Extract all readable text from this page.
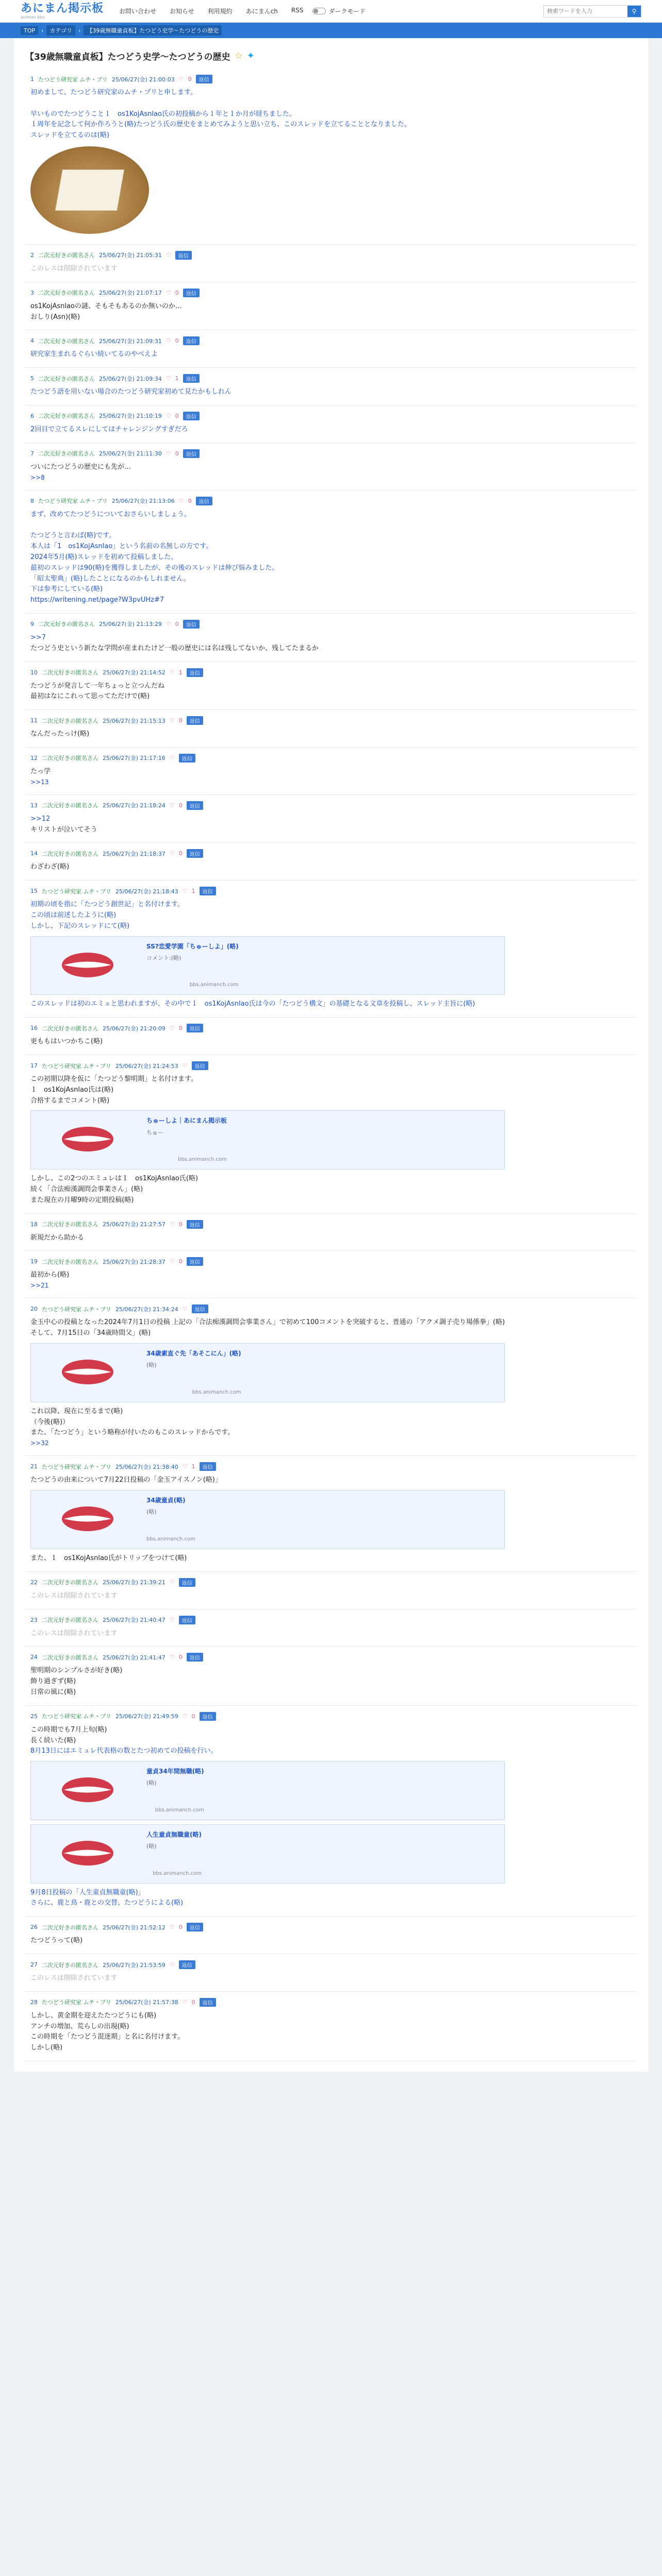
あにまん掲示板
animan bbs
お問い合わせ お知らせ 利用規約 あにまんch RSS	ダークモード
検索ワードを入力	⚲
TOP	›	カテゴリ	›	【39歳無職童貞板】たつどう史学〜たつどうの歴史
【39歳無職童貞板】たつどう史学〜たつどうの歴史 ☆ ✦
1 たつどう研究家 ムチ・プリ 25/06/27(金) 21:00:03 ♡ 0	返信
初めまして、たつどう研究家のムチ・プリと申します。

早いものでたつどうこと１　os1KojAsnlao氏の初投稿から１年と１か月が経ちました。
１周年を記念して何か作ろうと(略)たつどう氏の歴史をまとめてみようと思い立ち、このスレッドを立てることとなりました。
スレッドを立てるのは(略)
2 二次元好きの匿名さん 25/06/27(金) 21:05:31 ♡	返信
このレスは削除されています
3 二次元好きの匿名さん 25/06/27(金) 21:07:17 ♡ 0	返信
os1KojAsnlaoの謎、そもそもあるのか無いのか…
おしり(Asn)(略)
4 二次元好きの匿名さん 25/06/27(金) 21:09:31 ♡ 0	返信
研究家生まれるぐらい続いてるのやべえよ
5 二次元好きの匿名さん 25/06/27(金) 21:09:34 ♡ 1	返信
たつどう語を用いない場合のたつどう研究家初めて見たかもしれん
6 二次元好きの匿名さん 25/06/27(金) 21:10:19 ♡ 0	返信
2回目で立てるスレにしてはチャレンジングすぎだろ
7 二次元好きの匿名さん 25/06/27(金) 21:11:30 ♡ 0	返信
ついにたつどうの歴史にも先が…
>>8
8 たつどう研究家 ムチ・プリ 25/06/27(金) 21:13:06 ♡ 0	返信
まず、改めてたつどうについておさらいしましょう。

たつどうと言わば(略)です。
本人は「1　os1KojAsnlao」という名前の名無しの方です。
2024年5月(略)スレッドを初めて投稿しました。
最初のスレッドは90(略)を獲得しましたが、その後のスレッドは伸び悩みました。
「昭太聖典」(略)したことになるのかもしれません。
下は参考にしている(略)
https://writening.net/page?W3pvUHz#7
9 二次元好きの匿名さん 25/06/27(金) 21:13:29 ♡ 0	返信
>>7
たつどう史という新たな学問が産まれたけど一般の歴史には名は残してないか、残してたまるか
10 二次元好きの匿名さん 25/06/27(金) 21:14:52 ♡ 1	返信
たつどうが発言して一年ちょっと立つんだね
最初はなにこれって思ってただけで(略)
11 二次元好きの匿名さん 25/06/27(金) 21:15:13 ♡ 0	返信
なんだったっけ(略)
12 二次元好きの匿名さん 25/06/27(金) 21:17:16 ♡	返信
たっ学
>>13
13 二次元好きの匿名さん 25/06/27(金) 21:18:24 ♡ 0	返信
>>12
キリストが泣いてそう
14 二次元好きの匿名さん 25/06/27(金) 21:18:37 ♡ 0	返信
わざわざ(略)
15 たつどう研究家 ムチ・プリ 25/06/27(金) 21:18:43 ♡ 1	返信
初期の頃を指に「たつどう創世記」と名付けます。
この頃は前述したように(略)
しかし、下記のスレッドにて(略)
SS?恋愛学園「ちゅーしよ」(略)
コメント:(略)
bbs.animanch.com
このスレッドは初のエミュと思われますが、その中で１　os1KojAsnlao氏は今の「たつどう構文」の基礎となる文章を投稿し、スレッド主旨に(略)
16 二次元好きの匿名さん 25/06/27(金) 21:20:09 ♡ 0	返信
更ももはいつかちこ(略)
17 たつどう研究家 ムチ・プリ 25/06/27(金) 21:24:53 ♡	返信
この初期以降を仮に「たつどう黎明期」と名付けます。
１　os1KojAsnlao氏は(略)
合格するまでコメント(略)
ちゅーしよ｜あにまん掲示板
ちゅー
bbs.animanch.com
しかし、この2つのエミュレは１　os1KojAsnlao氏(略)
続く「合法痴漢調問会事業さん」(略)
また現在の月曜9時の定期投稿(略)
18 二次元好きの匿名さん 25/06/27(金) 21:27:57 ♡ 0	返信
新規だから助かる
19 二次元好きの匿名さん 25/06/27(金) 21:28:37 ♡ 0	返信
最初から(略)
>>21
20 たつどう研究家 ムチ・プリ 25/06/27(金) 21:34:24 ♡	返信
金玉中心の投稿となった2024年7月1日の投稿 上記の「合法痴漢調問会事業さん」で初めて100コメントを突破すると、普通の「アクメ調子売り場係拳」(略)
そして、7月15日の「34歳時間父」(略)
34歳素直ぐ先「あそこにん」(略)
(略)
bbs.animanch.com
これ以降、現在に至るまで(略)
（今後(略)）
また、「たつどう」という略称が付いたのもこのスレッドからです。
>>32
21 たつどう研究家 ムチ・プリ 25/06/27(金) 21:38:40 ♡ 1	返信
たつどうの由来について7月22日投稿の「金玉アイスノン(略)」
34歳童貞(略)
(略)
bbs.animanch.com
また、１　os1KojAsnlao氏がトリップをつけて(略)
22 二次元好きの匿名さん 25/06/27(金) 21:39:21 ♡	返信
このレスは削除されています
23 二次元好きの匿名さん 25/06/27(金) 21:40:47 ♡	返信
このレスは削除されています
24 二次元好きの匿名さん 25/06/27(金) 21:41:47 ♡ 0	返信
聖明期のシンプルさが好き(略)
飾り過ぎず(略)
日常の風に(略)
25 たつどう研究家 ムチ・プリ 25/06/27(金) 21:49:59 ♡ 0	返信
この時期でも7月上旬(略)
長く続いた(略)
8月13日にはエミュレ代表格の数とたつ初めての投稿を行い。
童貞34年間無職(略)
(略)
bbs.animanch.com
人生童貞無職童(略)
(略)
bbs.animanch.com
9月8日投稿の「人生童貞無職童(略)」
さらに、鹿と鳥・鹿との交替、たつどうによる(略)
26 二次元好きの匿名さん 25/06/27(金) 21:52:12 ♡ 0	返信
たつどうって(略)
27 二次元好きの匿名さん 25/06/27(金) 21:53:59 ♡	返信
このレスは削除されています
28 たつどう研究家 ムチ・プリ 25/06/27(金) 21:57:38 ♡ 0	返信
しかし、黄金期を迎えたたつどうにも(略)
アンチの増加、荒らしの出現(略)
この時期を「たつどう混迷期」と名に名付けます。
しかし(略)
